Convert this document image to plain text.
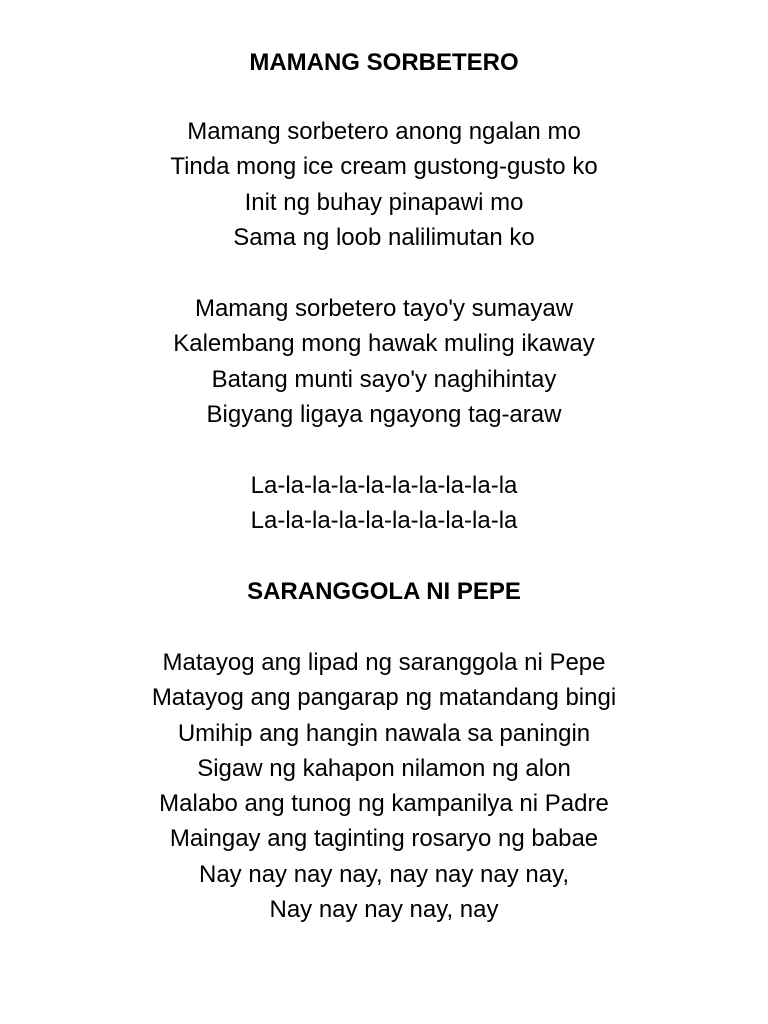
MAMANG SORBETERO

Mamang sorbetero anong ngalan mo

Tinda mong ice cream gustong-gusto ko

Init ng buhay pinapawi mo

Sama ng loob nalilimutan ko

Mamang sorbetero tayo'y sumayaw

Kalembang mong hawak muling ikaway

Batang munti sayo'y naghihintay

Bigyang ligaya ngayong tag-araw

La-la-la-la-la-la-la-la-la-la

La-la-la-la-la-la-la-la-la-la

SARANGGOLA NI PEPE

Matayog ang lipad ng saranggola ni Pepe

Matayog ang pangarap ng matandang bingi

Umihip ang hangin nawala sa paningin

Sigaw ng kahapon nilamon ng alon

Malabo ang tunog ng kampanilya ni Padre

Maingay ang taginting rosaryo ng babae

Nay nay nay nay, nay nay nay nay,

Nay nay nay nay, nay
